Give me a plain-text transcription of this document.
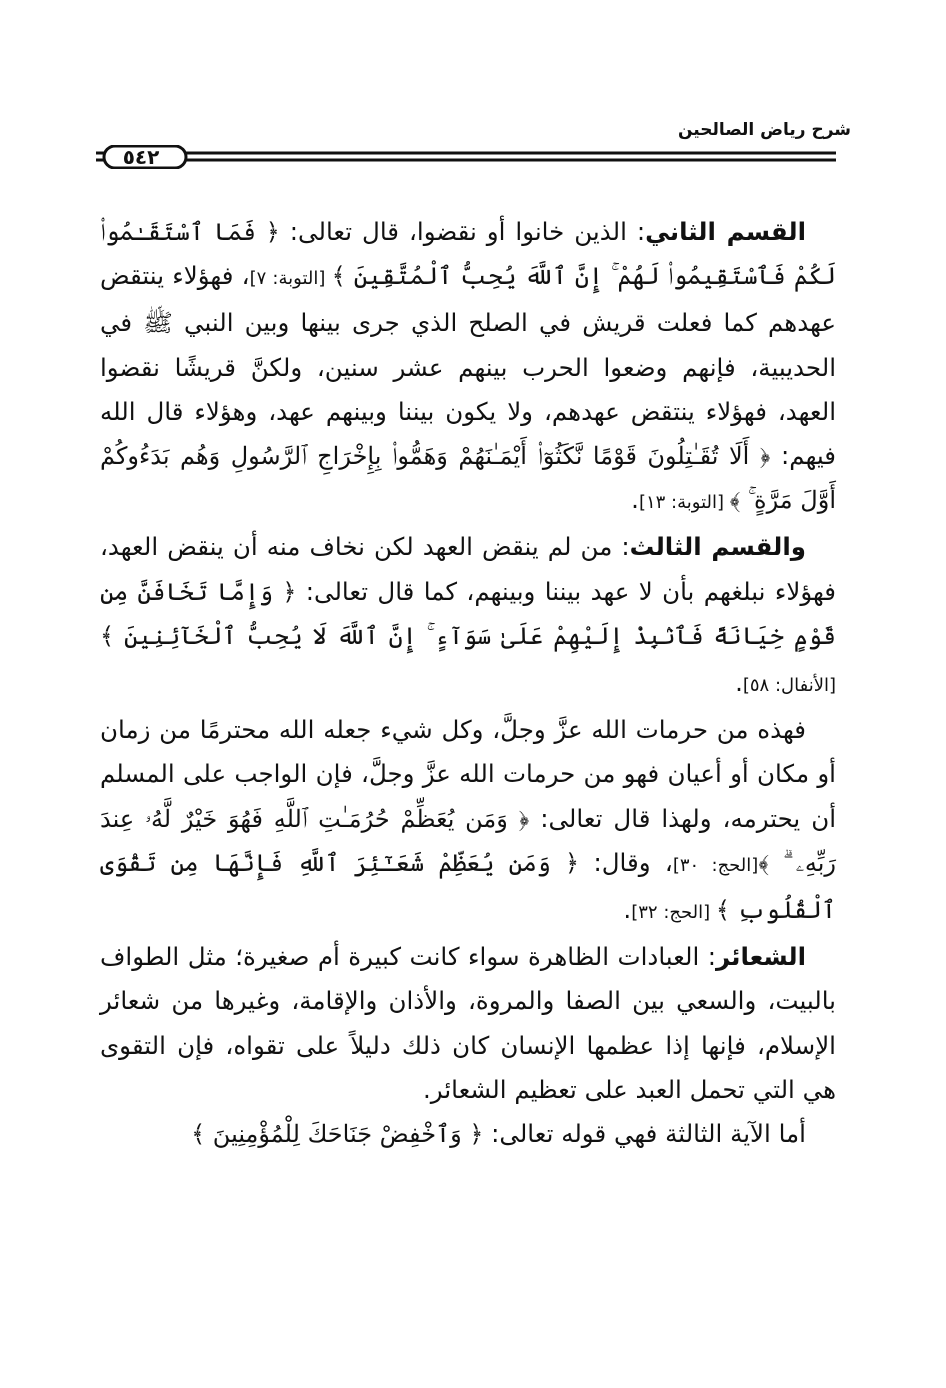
شرح رياض الصالحين
٥٤٢

القسم الثاني: الذين خانوا أو نقضوا، قال تعالى: ﴿ فَمَا ٱسْتَقَـٰمُوا۟ لَكُمْ فَٱسْتَقِيمُوا۟ لَهُمْ ۚ إِنَّ ٱللَّهَ يُحِبُّ ٱلْمُتَّقِينَ ﴾ [التوبة: ٧]، فهؤلاء ينتقض عهدهم كما فعلت قريش في الصلح الذي جرى بينها وبين النبي ﷺ في الحديبية، فإنهم وضعوا الحرب بينهم عشر سنين، ولكنَّ قريشًا نقضوا العهد، فهؤلاء ينتقض عهدهم، ولا يكون بيننا وبينهم عهد، وهؤلاء قال الله فيهم: ﴿ أَلَا تُقَـٰتِلُونَ قَوْمًا نَّكَثُوٓا۟ أَيْمَـٰنَهُمْ وَهَمُّوا۟ بِإِخْرَاجِ ٱلرَّسُولِ وَهُم بَدَءُوكُمْ أَوَّلَ مَرَّةٍ ۚ ﴾ [التوبة: ١٣].

والقسم الثالث: من لم ينقض العهد لكن نخاف منه أن ينقض العهد، فهؤلاء نبلغهم بأن لا عهد بيننا وبينهم، كما قال تعالى: ﴿ وَإِمَّا تَخَافَنَّ مِن قَوْمٍ خِيَانَةً فَٱنۢبِذْ إِلَيْهِمْ عَلَىٰ سَوَآءٍ ۚ إِنَّ ٱللَّهَ لَا يُحِبُّ ٱلْخَآئِنِينَ ﴾ [الأنفال: ٥٨].

فهذه من حرمات الله عزَّ وجلَّ، وكل شيء جعله الله محترمًا من زمان أو مكان أو أعيان فهو من حرمات الله عزَّ وجلَّ، فإن الواجب على المسلم أن يحترمه، ولهذا قال تعالى: ﴿ وَمَن يُعَظِّمْ حُرُمَـٰتِ ٱللَّهِ فَهُوَ خَيْرٌ لَّهُۥ عِندَ رَبِّهِۦ ۗ ﴾[الحج: ٣٠]، وقال: ﴿ وَمَن يُعَظِّمْ شَعَـٰٓئِرَ ٱللَّهِ فَإِنَّهَا مِن تَقْوَى ٱلْقُلُوبِ ﴾ [الحج: ٣٢].

الشعائر: العبادات الظاهرة سواء كانت كبيرة أم صغيرة؛ مثل الطواف بالبيت، والسعي بين الصفا والمروة، والأذان والإقامة، وغيرها من شعائر الإسلام، فإنها إذا عظمها الإنسان كان ذلك دليلاً على تقواه، فإن التقوى هي التي تحمل العبد على تعظيم الشعائر.

أما الآية الثالثة فهي قوله تعالى: ﴿ وَٱخْفِضْ جَنَاحَكَ لِلْمُؤْمِنِينَ ﴾
